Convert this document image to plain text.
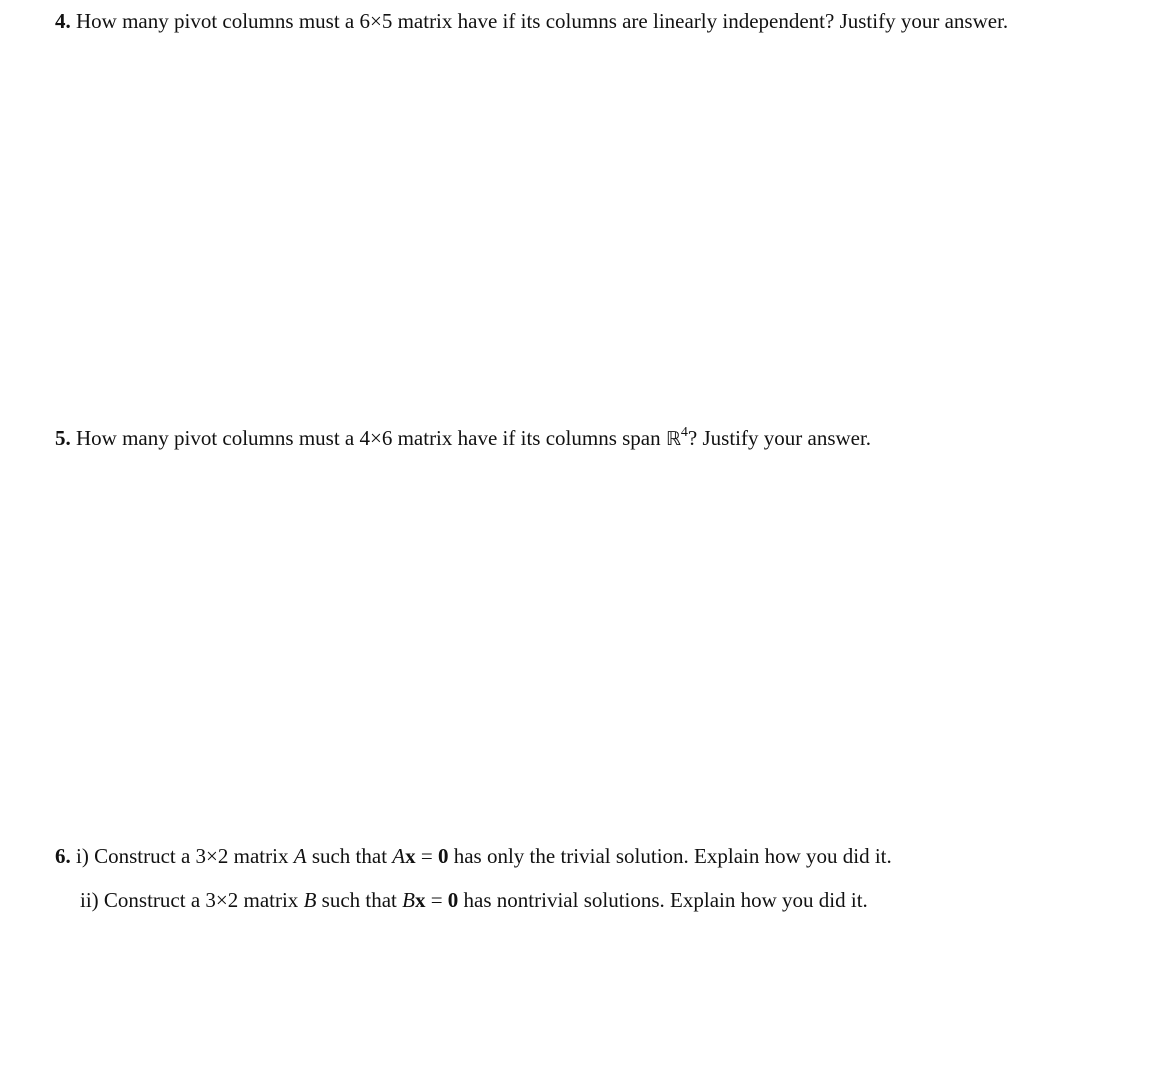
4. How many pivot columns must a 6×5 matrix have if its columns are linearly independent? Justify your answer.
5. How many pivot columns must a 4×6 matrix have if its columns span ℝ$^4$? Justify your answer.
6. i) Construct a 3×2 matrix A such that Ax = 0 has only the trivial solution. Explain how you did it.
ii) Construct a 3×2 matrix B such that Bx = 0 has nontrivial solutions. Explain how you did it.
